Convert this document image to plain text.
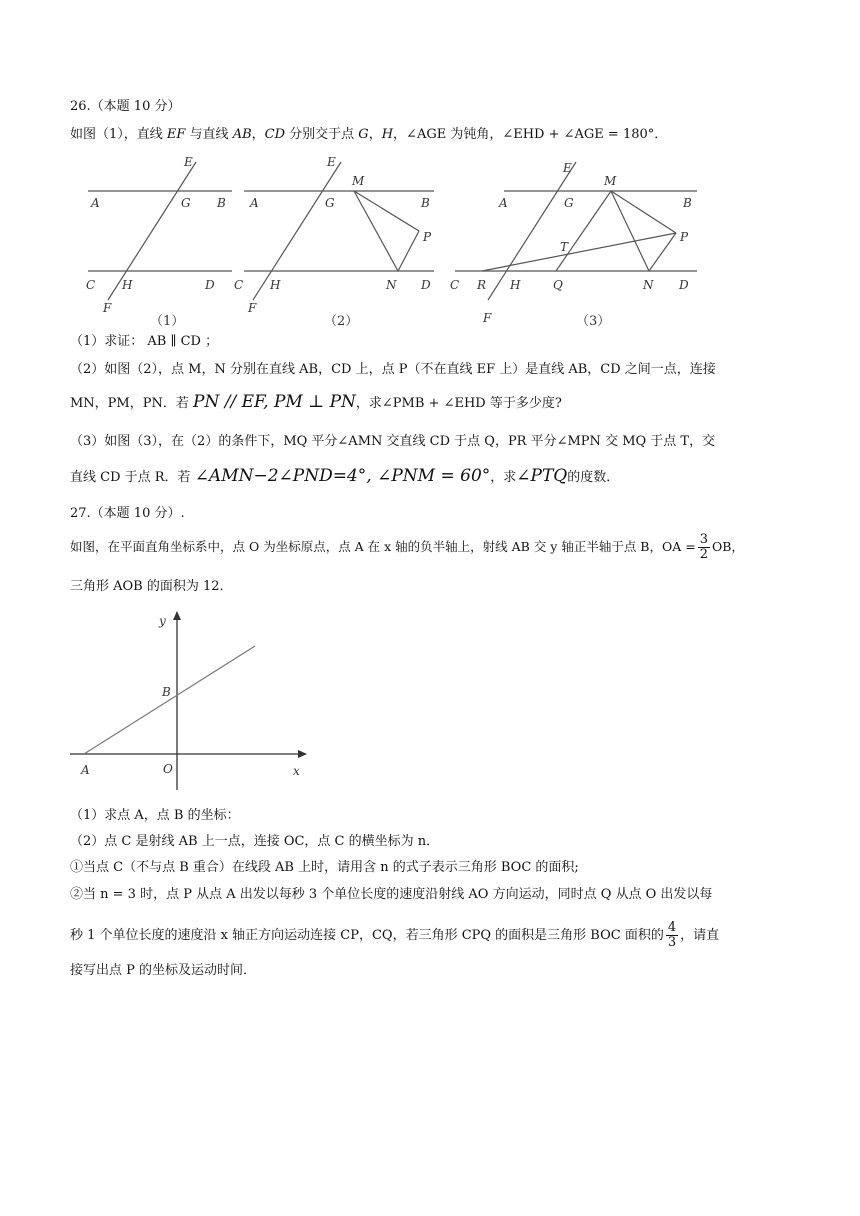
26.（本题 10 分）
如图（1），直线 EF 与直线 AB，CD 分别交于点 G，H，∠AGE 为钝角，∠EHD + ∠AGE = 180°．
E
A	G B
C H	D
F
（1）
E
M
A	G	B
P
C H	N D
F
（2）
E
M
A	G	B
T
P
C R H	Q	N D
F	（3）
（1）求证： AB ∥ CD ；
（2）如图（2），点 M，N 分别在直线 AB，CD 上，点 P（不在直线 EF 上）是直线 AB，CD 之间一点，连接
MN，PM，PN．若 PN // EF, PM ⊥ PN，求∠PMB + ∠EHD 等于多少度?
（3）如图（3），在（2）的条件下，MQ 平分∠AMN 交直线 CD 于点 Q，PR 平分∠MPN 交 MQ 于点 T，交
直线 CD 于点 R．若 ∠AMN−2∠PND=4°, ∠PNM = 60°，求∠PTQ的度数．
27.（本题 10 分）.
如图，在平面直角坐标系中，点 O 为坐标原点，点 A 在 x 轴的负半轴上，射线 AB 交 y 轴正半轴于点 B，OA = $\frac{3}{2}$ OB，
三角形 AOB 的面积为 12．
y
B
A	O	x
（1）求点 A，点 B 的坐标：
（2）点 C 是射线 AB 上一点，连接 OC，点 C 的横坐标为 n．
①当点 C（不与点 B 重合）在线段 AB 上时，请用含 n 的式子表示三角形 BOC 的面积;
②当 n = 3 时，点 P 从点 A 出发以每秒 3 个单位长度的速度沿射线 AO 方向运动，同时点 Q 从点 O 出发以每
秒 1 个单位长度的速度沿 x 轴正方向运动连接 CP，CQ，若三角形 CPQ 的面积是三角形 BOC 面积的 $\frac{4}{3}$ ，请直
接写出点 P 的坐标及运动时间．
